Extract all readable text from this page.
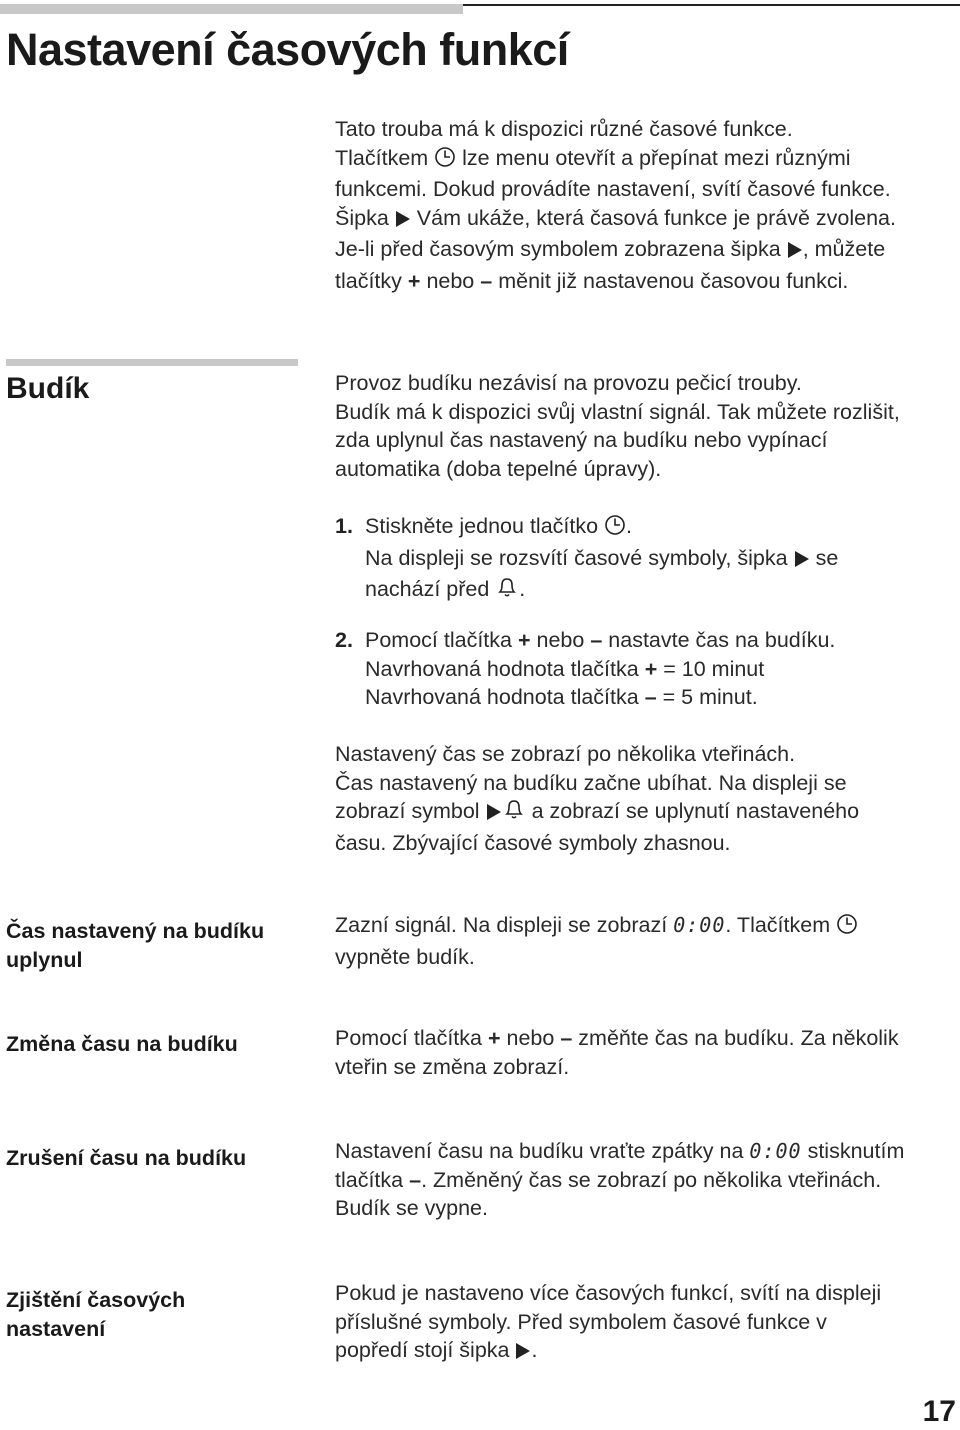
Nastavení časových funkcí
Tato trouba má k dispozici různé časové funkce.
Tlačítkem lze menu otevřít a přepínat mezi různými
funkcemi. Dokud provádíte nastavení, svítí časové funkce.
Šipka Vám ukáže, která časová funkce je právě zvolena.
Je-li před časovým symbolem zobrazena šipka , můžete
tlačítky + nebo – měnit již nastavenou časovou funkci.
Budík	Provoz budíku nezávisí na provozu pečicí trouby.
Budík má k dispozici svůj vlastní signál. Tak můžete rozlišit,
zda uplynul čas nastavený na budíku nebo vypínací
automatika (doba tepelné úpravy).
1. Stiskněte jednou tlačítko .
Na displeji se rozsvítí časové symboly, šipka se
nachází před .
2. Pomocí tlačítka + nebo – nastavte čas na budíku.
Navrhovaná hodnota tlačítka + = 10 minut
Navrhovaná hodnota tlačítka – = 5 minut.
Nastavený čas se zobrazí po několika vteřinách.
Čas nastavený na budíku začne ubíhat. Na displeji se
zobrazí symbol a zobrazí se uplynutí nastaveného
času. Zbývající časové symboly zhasnou.
Čas nastavený na budíku
uplynul
Zazní signál. Na displeji se zobrazí 0:00. Tlačítkem
vypněte budík.
Změna času na budíku	Pomocí tlačítka + nebo – změňte čas na budíku. Za několik
vteřin se změna zobrazí.
Zrušení času na budíku	Nastavení času na budíku vraťte zpátky na 0:00 stisknutím
tlačítka –. Změněný čas se zobrazí po několika vteřinách.
Budík se vypne.
Zjištění časových
nastavení
Pokud je nastaveno více časových funkcí, svítí na displeji
příslušné symboly. Před symbolem časové funkce v
popředí stojí šipka .

17
